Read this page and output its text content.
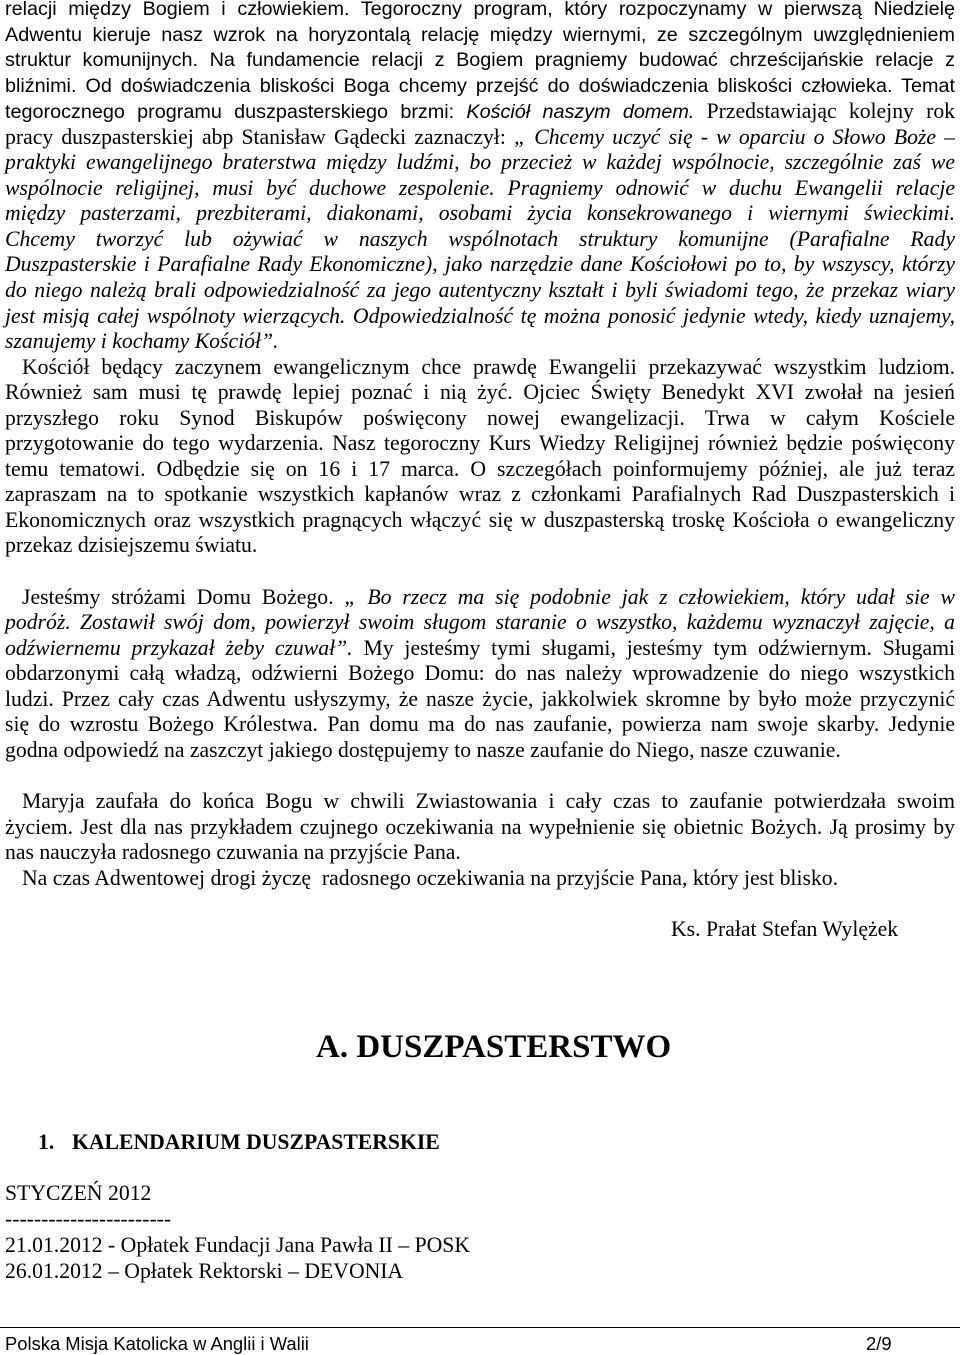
relacji między Bogiem i człowiekiem. Tegoroczny program, który rozpoczynamy w pierwszą Niedzielę
Adwentu kieruje nasz wzrok na horyzontalą relację między wiernymi, ze szczególnym uwzględnieniem
struktur komunijnych. Na fundamencie relacji z Bogiem pragniemy budować chrześcijańskie relacje z
bliźnimi. Od doświadczenia bliskości Boga chcemy przejść do doświadczenia bliskości człowieka. Temat
tegorocznego programu duszpasterskiego brzmi: Kościół naszym domem. Przedstawiając kolejny rok
pracy duszpasterskiej abp Stanisław Gądecki zaznaczył: „ Chcemy uczyć się - w oparciu o Słowo Boże –
praktyki ewangelijnego braterstwa między ludźmi, bo przecież w każdej wspólnocie, szczególnie zaś we
wspólnocie religijnej, musi być duchowe zespolenie. Pragniemy odnowić w duchu Ewangelii relacje
między pasterzami, prezbiterami, diakonami, osobami życia konsekrowanego i wiernymi świeckimi.
Chcemy tworzyć lub ożywiać w naszych wspólnotach struktury komunijne (Parafialne Rady
Duszpasterskie i Parafialne Rady Ekonomiczne), jako narzędzie dane Kościołowi po to, by wszyscy, którzy
do niego należą brali odpowiedzialność za jego autentyczny kształt i byli świadomi tego, że przekaz wiary
jest misją całej wspólnoty wierzących. Odpowiedzialność tę można ponosić jedynie wtedy, kiedy uznajemy,
szanujemy i kochamy Kościół”.
Kościół będący zaczynem ewangelicznym chce prawdę Ewangelii przekazywać wszystkim ludziom.
Również sam musi tę prawdę lepiej poznać i nią żyć. Ojciec Święty Benedykt XVI zwołał na jesień
przyszłego roku Synod Biskupów poświęcony nowej ewangelizacji. Trwa w całym Kościele
przygotowanie do tego wydarzenia. Nasz tegoroczny Kurs Wiedzy Religijnej również będzie poświęcony
temu tematowi. Odbędzie się on 16 i 17 marca. O szczegółach poinformujemy później, ale już teraz
zapraszam na to spotkanie wszystkich kapłanów wraz z członkami Parafialnych Rad Duszpasterskich i
Ekonomicznych oraz wszystkich pragnących włączyć się w duszpasterską troskę Kościoła o ewangeliczny
przekaz dzisiejszemu światu.
Jesteśmy stróżami Domu Bożego. „ Bo rzecz ma się podobnie jak z człowiekiem, który udał sie w
podróż. Zostawił swój dom, powierzył swoim sługom staranie o wszystko, każdemu wyznaczył zajęcie, a
odźwiernemu przykazał żeby czuwał”. My jesteśmy tymi sługami, jesteśmy tym odźwiernym. Sługami
obdarzonymi całą władzą, odźwierni Bożego Domu: do nas należy wprowadzenie do niego wszystkich
ludzi. Przez cały czas Adwentu usłyszymy, że nasze życie, jakkolwiek skromne by było może przyczynić
się do wzrostu Bożego Królestwa. Pan domu ma do nas zaufanie, powierza nam swoje skarby. Jedynie
godna odpowiedź na zaszczyt jakiego dostępujemy to nasze zaufanie do Niego, nasze czuwanie.
Maryja zaufała do końca Bogu w chwili Zwiastowania i cały czas to zaufanie potwierdzała swoim
życiem. Jest dla nas przykładem czujnego oczekiwania na wypełnienie się obietnic Bożych. Ją prosimy by
nas nauczyła radosnego czuwania na przyjście Pana.
Na czas Adwentowej drogi życzę  radosnego oczekiwania na przyjście Pana, który jest blisko.
Ks. Prałat Stefan Wylężek
A. DUSZPASTERSTWO
1. KALENDARIUM DUSZPASTERSKIE
STYCZEŃ 2012
-----------------------
21.01.2012 - Opłatek Fundacji Jana Pawła II – POSK
26.01.2012 – Opłatek Rektorski – DEVONIA
Polska Misja Katolicka w Anglii i Walii	2/9
